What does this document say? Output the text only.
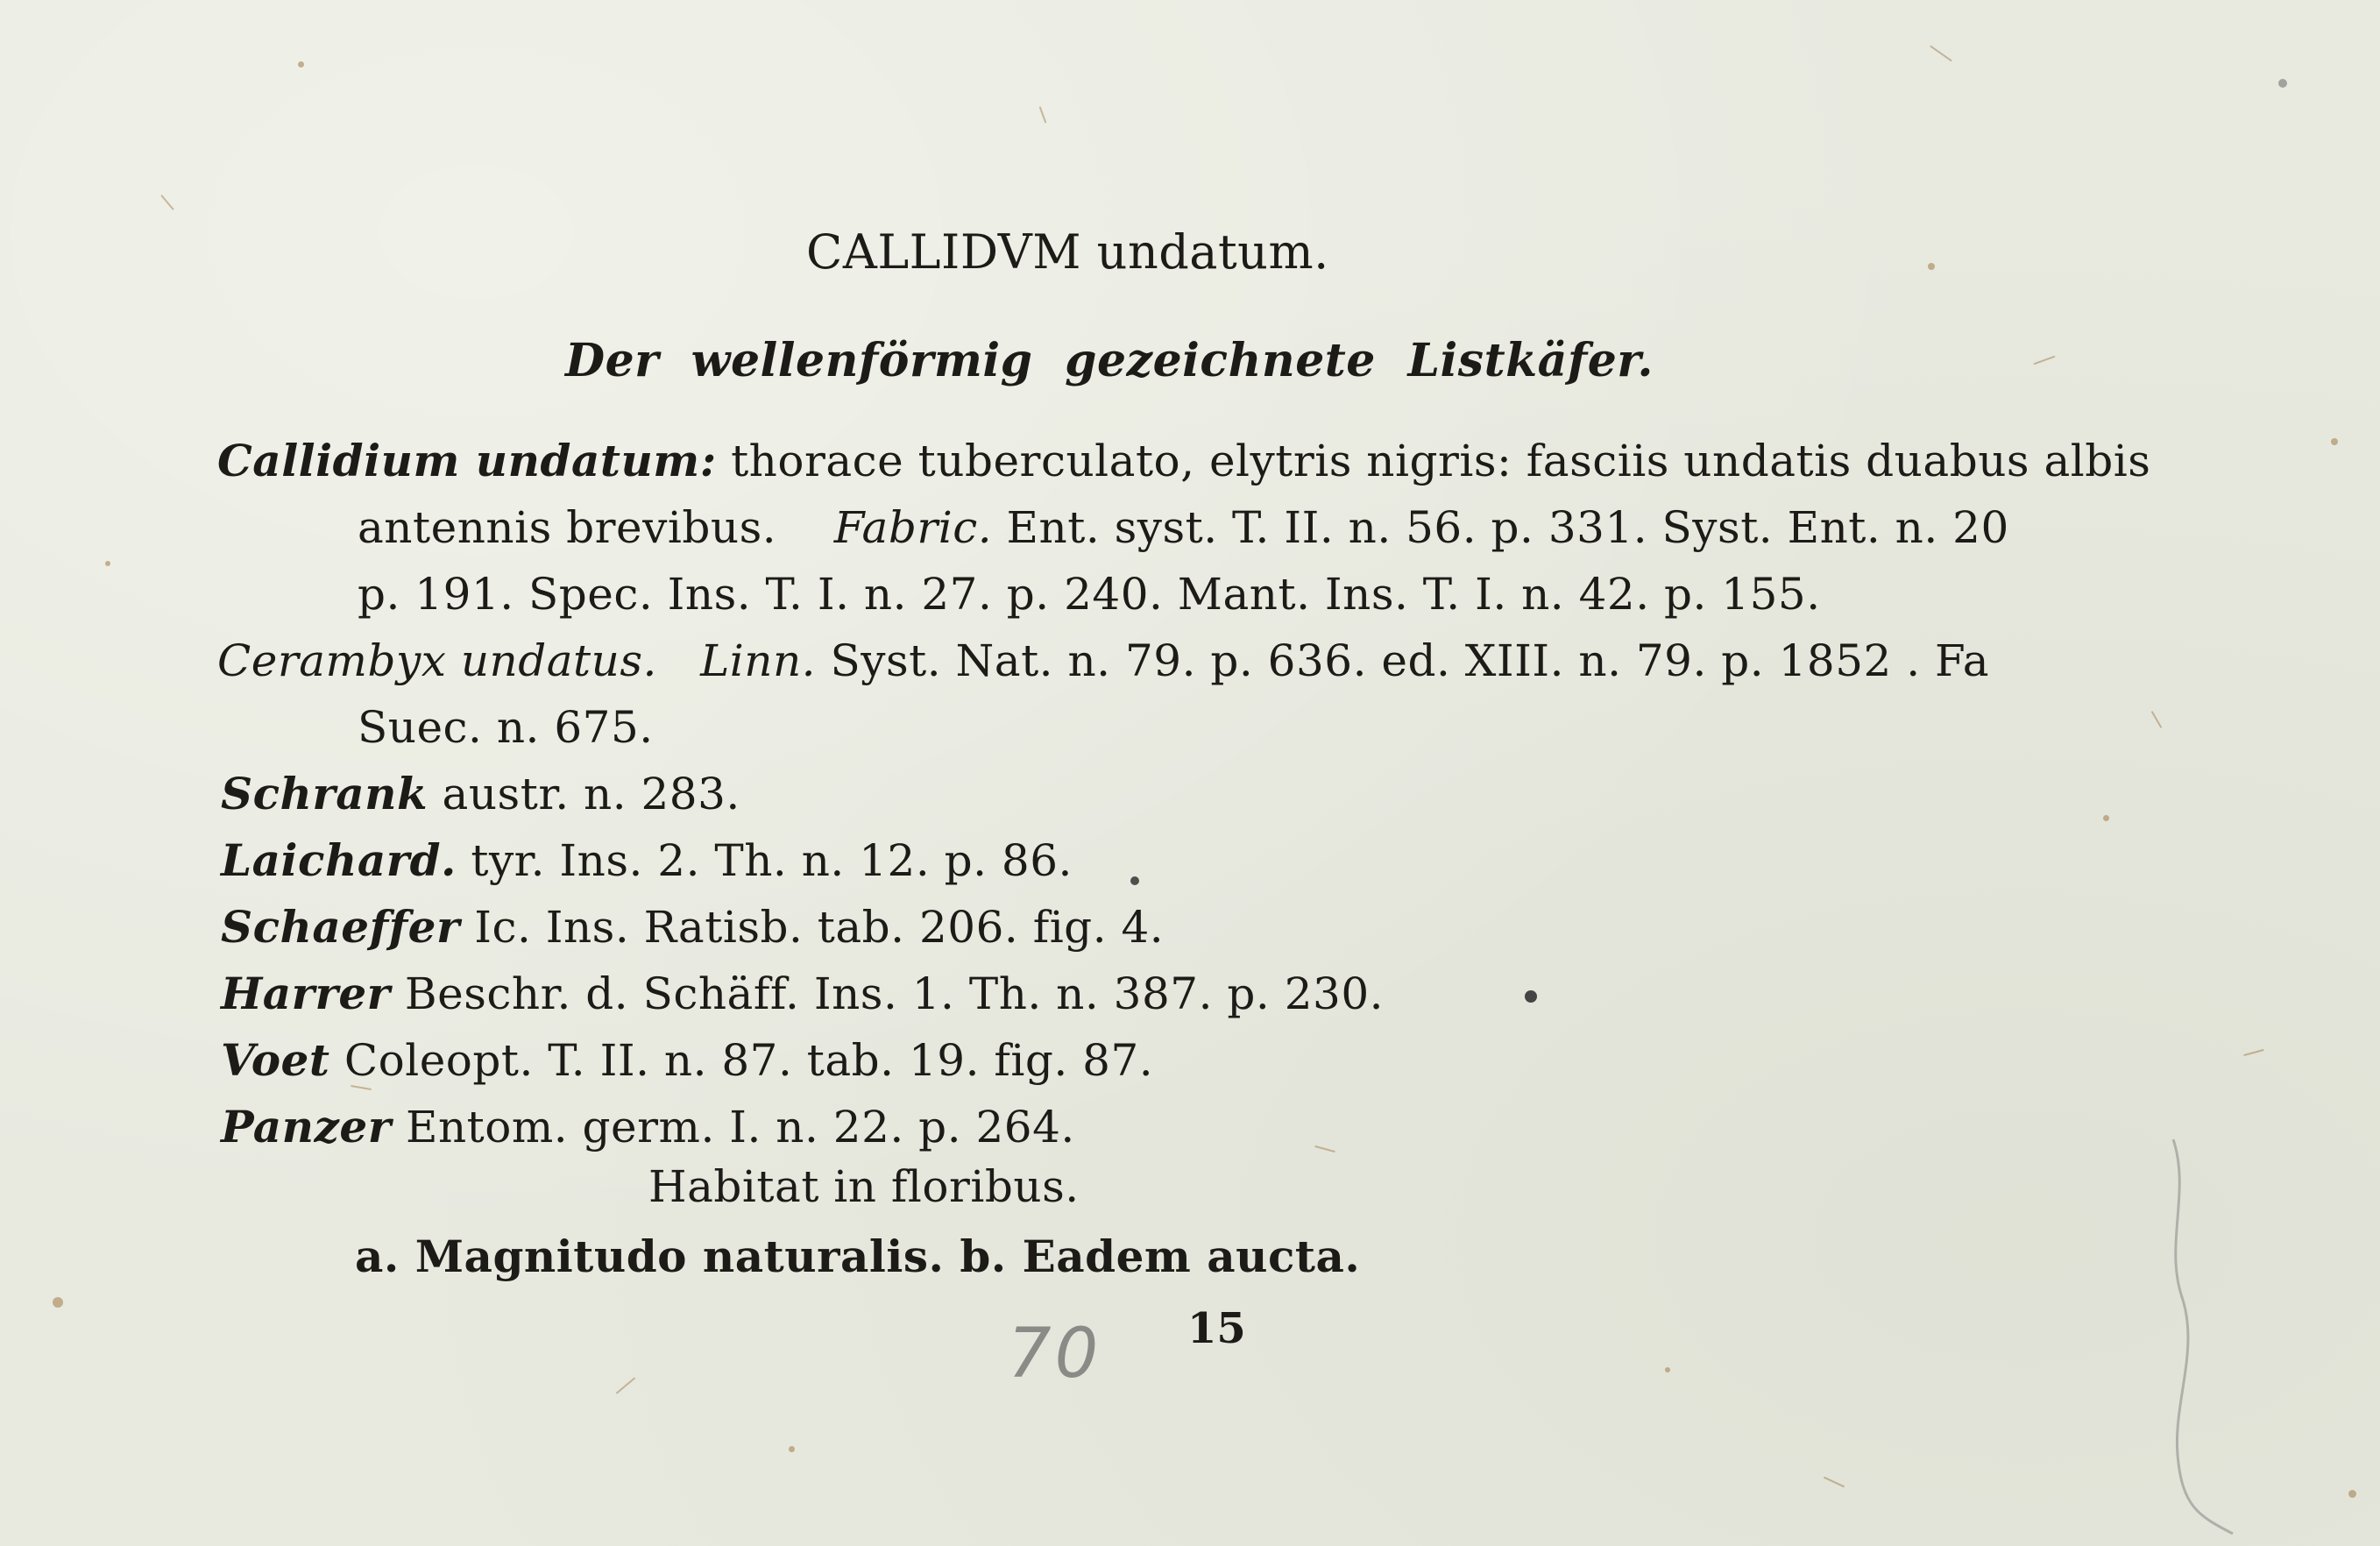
CALLIDVM undatum.
Der wellenförmig gezeichnete Listkäfer.
Callidium undatum: thorace tuberculato, elytris nigris: fasciis undatis duabus albis
antennis brevibus. Fabric. Ent. syst. T. II. n. 56. p. 331. Syst. Ent. n. 20
p. 191. Spec. Ins. T. I. n. 27. p. 240. Mant. Ins. T. I. n. 42. p. 155.
Cerambyx undatus. Linn. Syst. Nat. n. 79. p. 636. ed. XIII. n. 79. p. 1852 . Fa
Suec. n. 675.
Schrank austr. n. 283.
Laichard. tyr. Ins. 2. Th. n. 12. p. 86.
Schaeffer Ic. Ins. Ratisb. tab. 206. fig. 4.
Harrer Beschr. d. Schäff. Ins. 1. Th. n. 387. p. 230.
Voet Coleopt. T. II. n. 87. tab. 19. fig. 87.
Panzer Entom. germ. I. n. 22. p. 264.
Habitat in floribus.
a. Magnitudo naturalis. b. Eadem aucta.
70 15
